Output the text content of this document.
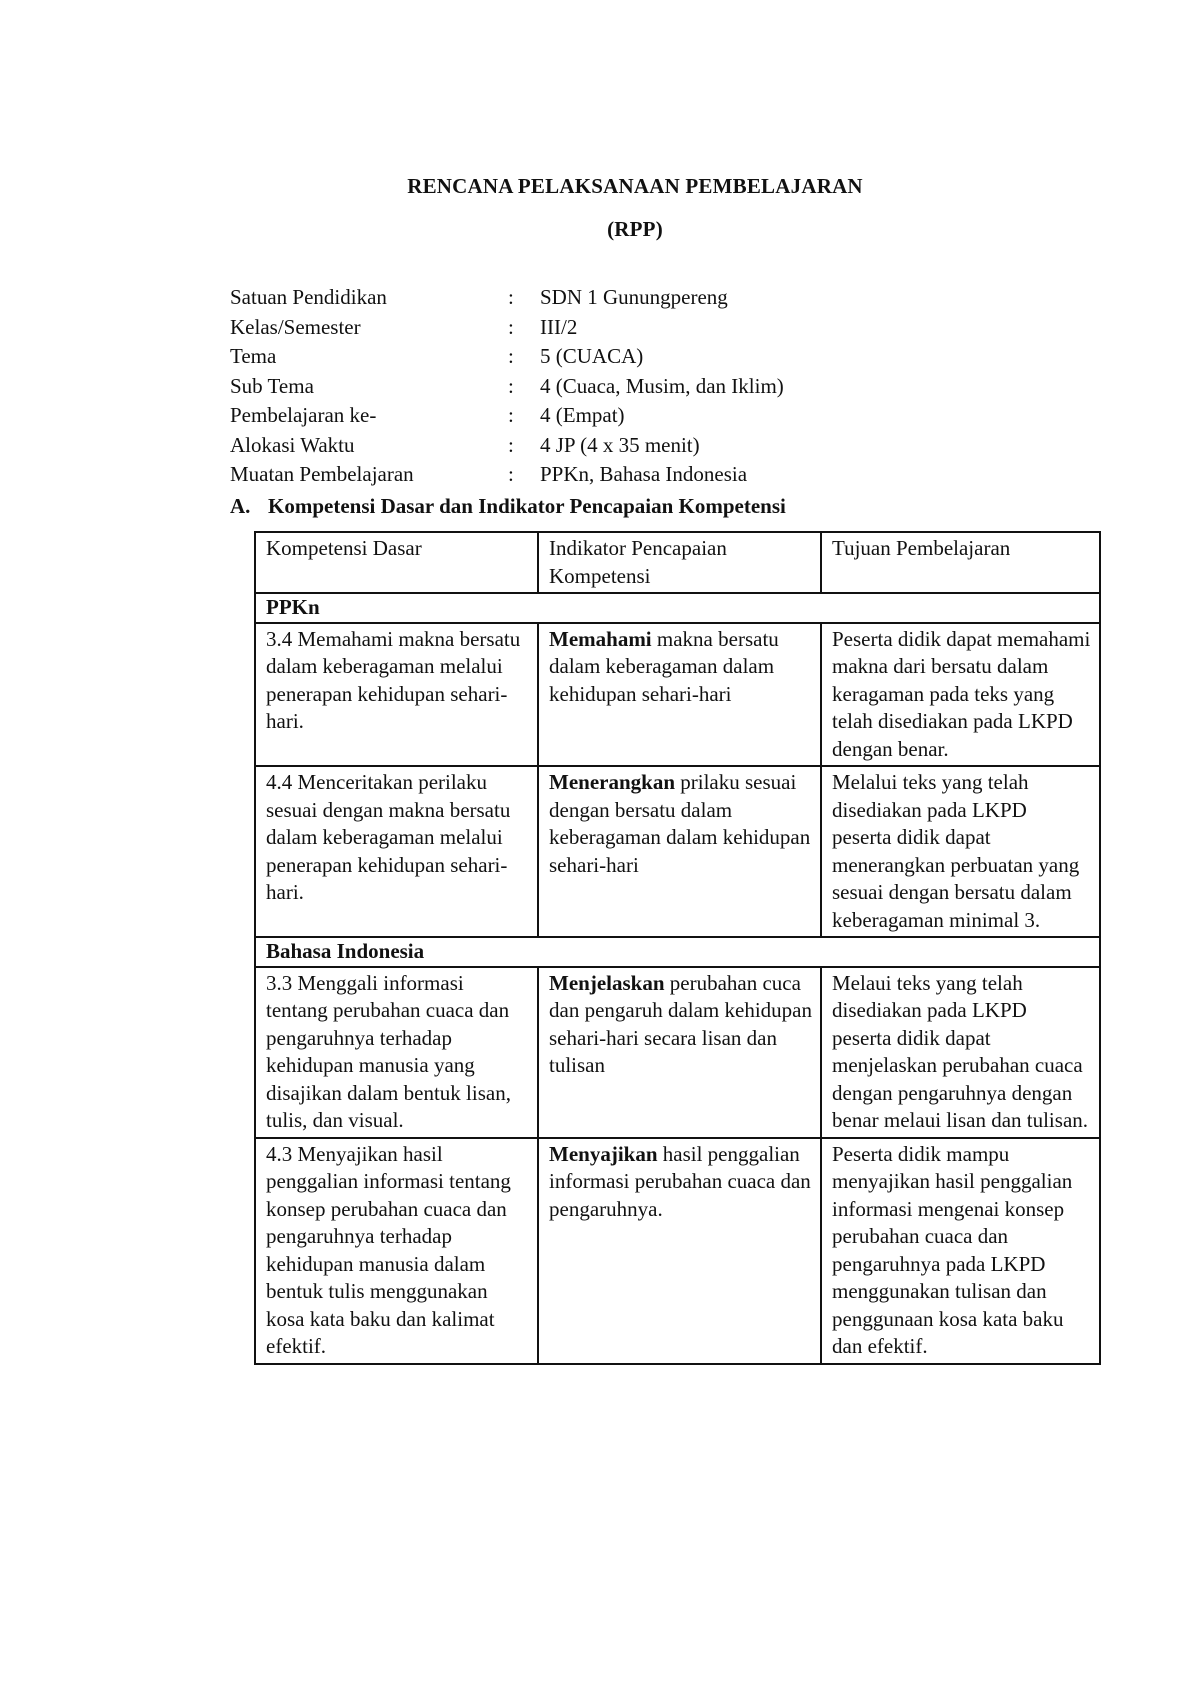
RENCANA PELAKSANAAN PEMBELAJARAN
(RPP)
Satuan Pendidikan	:	SDN 1 Gunungpereng
Kelas/Semester	:	III/2
Tema	:	5 (CUACA)
Sub Tema	:	4 (Cuaca, Musim, dan Iklim)
Pembelajaran ke-	:	4 (Empat)
Alokasi Waktu	:	4 JP (4 x 35 menit)
Muatan Pembelajaran	:	PPKn, Bahasa Indonesia
A. Kompetensi Dasar dan Indikator Pencapaian Kompetensi
Kompetensi Dasar	Indikator Pencapaian Kompetensi	Tujuan Pembelajaran
PPKn		
3.4 Memahami makna bersatu dalam keberagaman melalui penerapan kehidupan sehari-hari.	Memahami makna bersatu dalam keberagaman dalam kehidupan sehari-hari	Peserta didik dapat memahami makna dari bersatu dalam keragaman pada teks yang telah disediakan pada LKPD dengan benar.
4.4 Menceritakan perilaku sesuai dengan makna bersatu dalam keberagaman melalui penerapan kehidupan sehari-hari.	Menerangkan prilaku sesuai dengan bersatu dalam keberagaman dalam kehidupan sehari-hari	Melalui teks yang telah disediakan pada LKPD peserta didik dapat menerangkan perbuatan yang sesuai dengan bersatu dalam keberagaman minimal 3.
Bahasa Indonesia		
3.3 Menggali informasi tentang perubahan cuaca dan pengaruhnya terhadap kehidupan manusia yang disajikan dalam bentuk lisan, tulis, dan visual.	Menjelaskan perubahan cuca dan pengaruh dalam kehidupan sehari-hari secara lisan dan tulisan	Melaui teks yang telah disediakan pada LKPD peserta didik dapat menjelaskan perubahan cuaca dengan pengaruhnya dengan benar melaui lisan dan tulisan.
4.3 Menyajikan hasil penggalian informasi tentang konsep perubahan cuaca dan pengaruhnya terhadap kehidupan manusia dalam bentuk tulis menggunakan kosa kata baku dan kalimat efektif.	Menyajikan hasil penggalian informasi perubahan cuaca dan pengaruhnya.	Peserta didik mampu menyajikan hasil penggalian informasi mengenai konsep perubahan cuaca dan pengaruhnya pada LKPD menggunakan tulisan dan penggunaan kosa kata baku dan efektif.
